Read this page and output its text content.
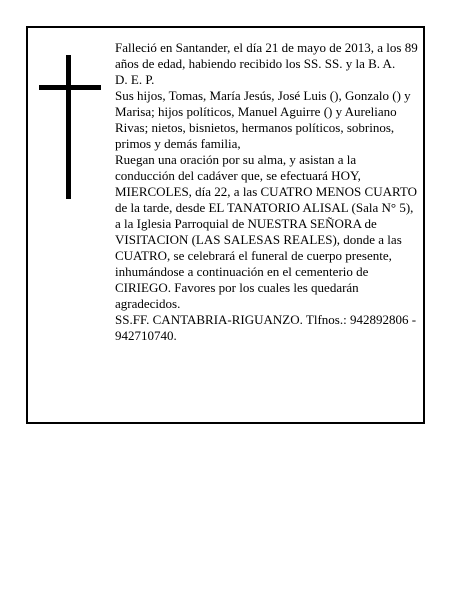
Falleció en Santander, el día 21 de mayo de 2013, a los 89 años de edad, habiendo recibido los SS. SS. y la B. A.

D. E. P.

Sus hijos, Tomas, María Jesús, José Luis (), Gonzalo () y Marisa; hijos políticos, Manuel Aguirre () y Aureliano Rivas; nietos, bisnietos, hermanos políticos, sobrinos, primos y demás familia,

Ruegan una oración por su alma, y asistan a la conducción del cadáver que, se efectuará HOY, MIERCOLES, día 22, a las CUATRO MENOS CUARTO de la tarde, desde EL TANATORIO ALISAL (Sala N° 5), a la Iglesia Parroquial de NUESTRA SEÑORA de VISITACION (LAS SALESAS REALES), donde a las CUATRO, se celebrará el funeral de cuerpo presente, inhumándose a continuación en el cementerio de CIRIEGO. Favores por los cuales les quedarán agradecidos.

SS.FF. CANTABRIA-RIGUANZO. Tlfnos.: 942892806 - 942710740.
